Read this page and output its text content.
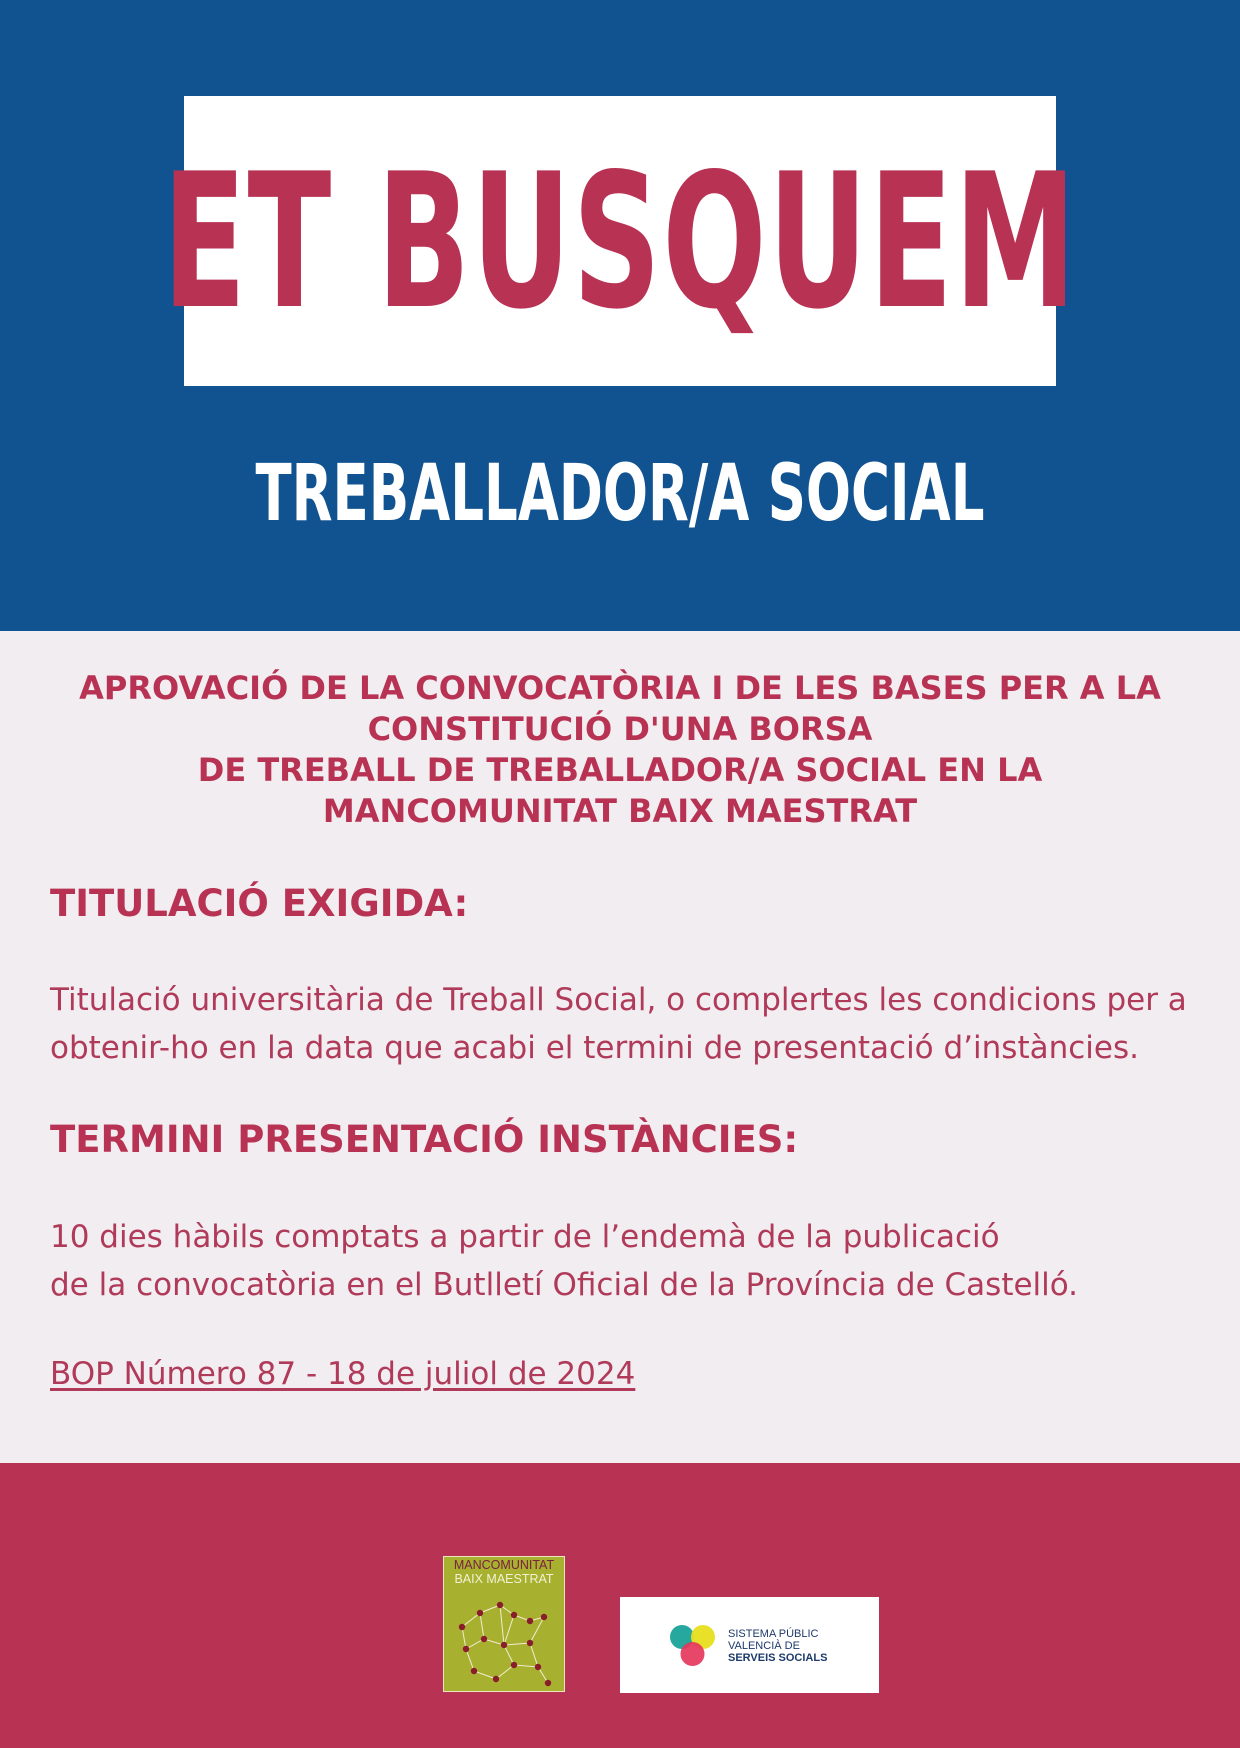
ET BUSQUEM
TREBALLADOR/A SOCIAL
APROVACIÓ DE LA CONVOCATÒRIA I DE LES BASES PER A LA
CONSTITUCIÓ D'UNA BORSA
DE TREBALL DE TREBALLADOR/A SOCIAL EN LA
MANCOMUNITAT BAIX MAESTRAT
TITULACIÓ EXIGIDA:
Titulació universitària de Treball Social, o complertes les condicions per a
obtenir-ho en la data que acabi el termini de presentació d’instàncies.
TERMINI PRESENTACIÓ INSTÀNCIES:
10 dies hàbils comptats a partir de l’endemà de la publicació
de la convocatòria en el Butlletí Oficial de la Província de Castelló.
BOP Número 87 - 18 de juliol de 2024
MANCOMUNITAT
BAIX MAESTRAT
SISTEMA PÚBLIC
VALENCIÀ DE
SERVEIS SOCIALS
